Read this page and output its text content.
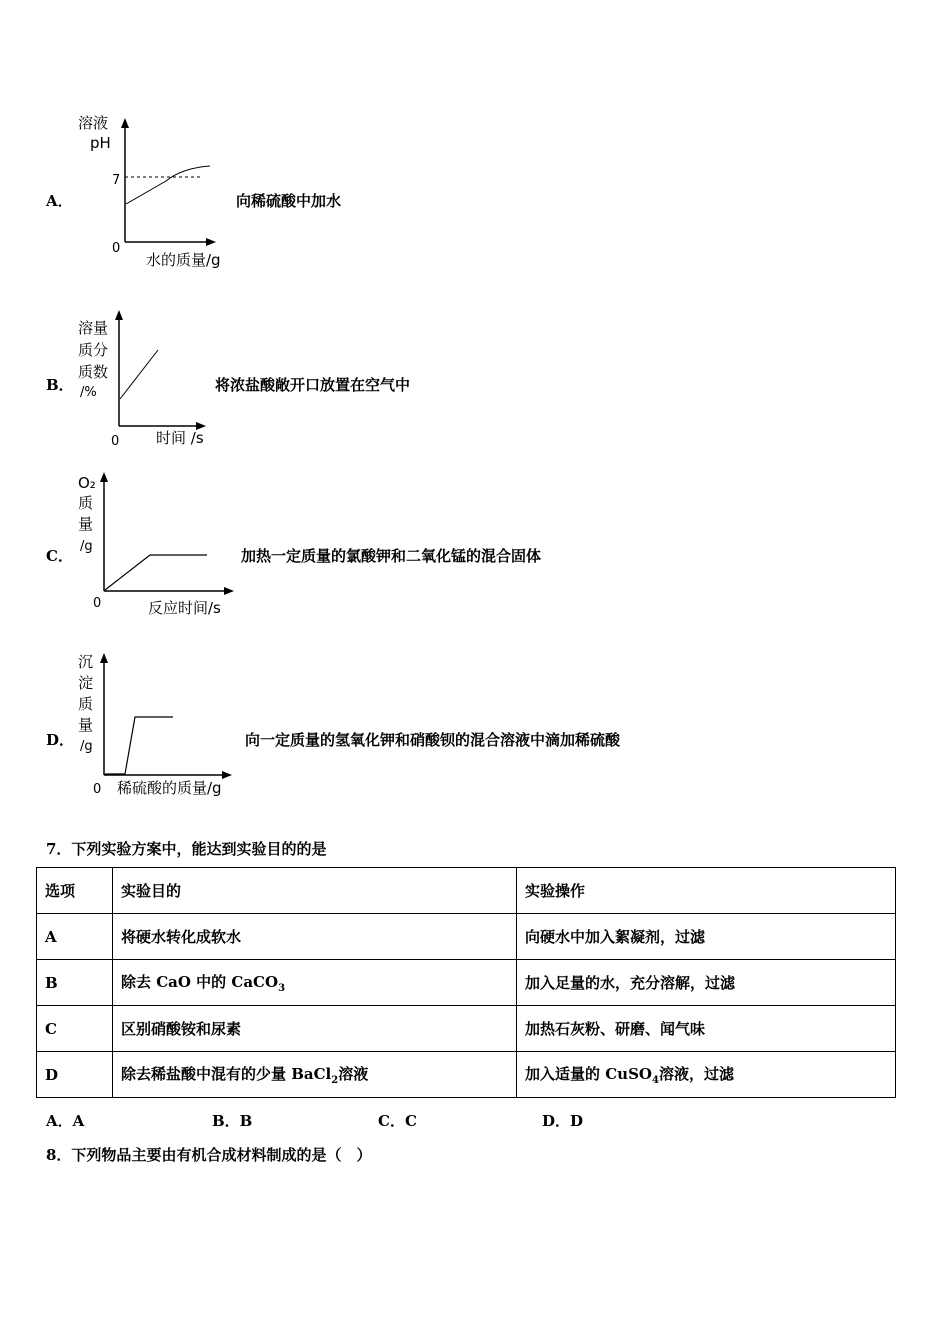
A．
溶液
pH
7
0
水的质量/g
向稀硫酸中加水
B．
溶量
质分
质数
/%
0 时间 /s
将浓盐酸敞开口放置在空气中
C．
O₂
质
量
/g
0	反应时间/s
加热一定质量的氯酸钾和二氧化锰的混合固体
D．
沉
淀
质
量
/g
0 稀硫酸的质量/g
向一定质量的氢氧化钾和硝酸钡的混合溶液中滴加稀硫酸
7．下列实验方案中，能达到实验目的的是
选项	实验目的	实验操作
A	将硬水转化成软水	向硬水中加入絮凝剂，过滤
B	除去 CaO 中的 CaCO$_3$	加入足量的水，充分溶解，过滤
C	区别硝酸铵和尿素	加热石灰粉、研磨、闻气味
D	除去稀盐酸中混有的少量 BaCl$_2$溶液	加入适量的 CuSO$_4$溶液，过滤
A．A	B．B	C．C	D．D
8．下列物品主要由有机合成材料制成的是（　）
